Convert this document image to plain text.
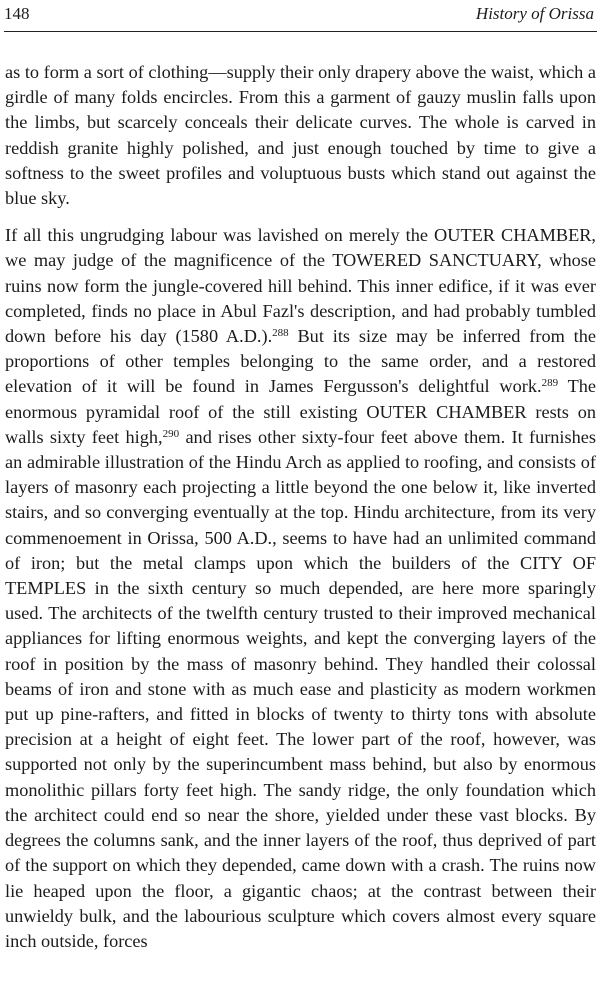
148	History of Orissa

as to form a sort of clothing—supply their only drapery above the waist, which a girdle of many folds encircles. From this a garment of gauzy muslin falls upon the limbs, but scarcely conceals their delicate curves. The whole is carved in reddish granite highly polished, and just enough touched by time to give a softness to the sweet profiles and voluptuous busts which stand out against the blue sky.

If all this ungrudging labour was lavished on merely the OUTER CHAMBER, we may judge of the magnificence of the TOWERED SANCTUARY, whose ruins now form the jungle-covered hill behind. This inner edifice, if it was ever completed, finds no place in Abul Fazl's description, and had probably tumbled down before his day (1580 A.D.).$^{288}$ But its size may be inferred from the proportions of other temples belonging to the same order, and a restored elevation of it will be found in James Fergusson's delightful work.$^{289}$ The enormous pyramidal roof of the still existing OUTER CHAMBER rests on walls sixty feet high,$^{290}$ and rises other sixty-four feet above them. It furnishes an admirable illustration of the Hindu Arch as applied to roofing, and consists of layers of masonry each projecting a little beyond the one below it, like inverted stairs, and so converging eventually at the top. Hindu architecture, from its very commenoement in Orissa, 500 A.D., seems to have had an unlimited command of iron; but the metal clamps upon which the builders of the CITY OF TEMPLES in the sixth century so much depended, are here more sparingly used. The architects of the twelfth century trusted to their improved mechanical appliances for lifting enormous weights, and kept the converging layers of the roof in position by the mass of masonry behind. They handled their colossal beams of iron and stone with as much ease and plasticity as modern workmen put up pine-rafters, and fitted in blocks of twenty to thirty tons with absolute precision at a height of eight feet. The lower part of the roof, however, was supported not only by the superincumbent mass behind, but also by enormous monolithic pillars forty feet high. The sandy ridge, the only foundation which the architect could end so near the shore, yielded under these vast blocks. By degrees the columns sank, and the inner layers of the roof, thus deprived of part of the support on which they depended, came down with a crash. The ruins now lie heaped upon the floor, a gigantic chaos; at the contrast between their unwieldy bulk, and the labourious sculpture which covers almost every square inch outside, forces
